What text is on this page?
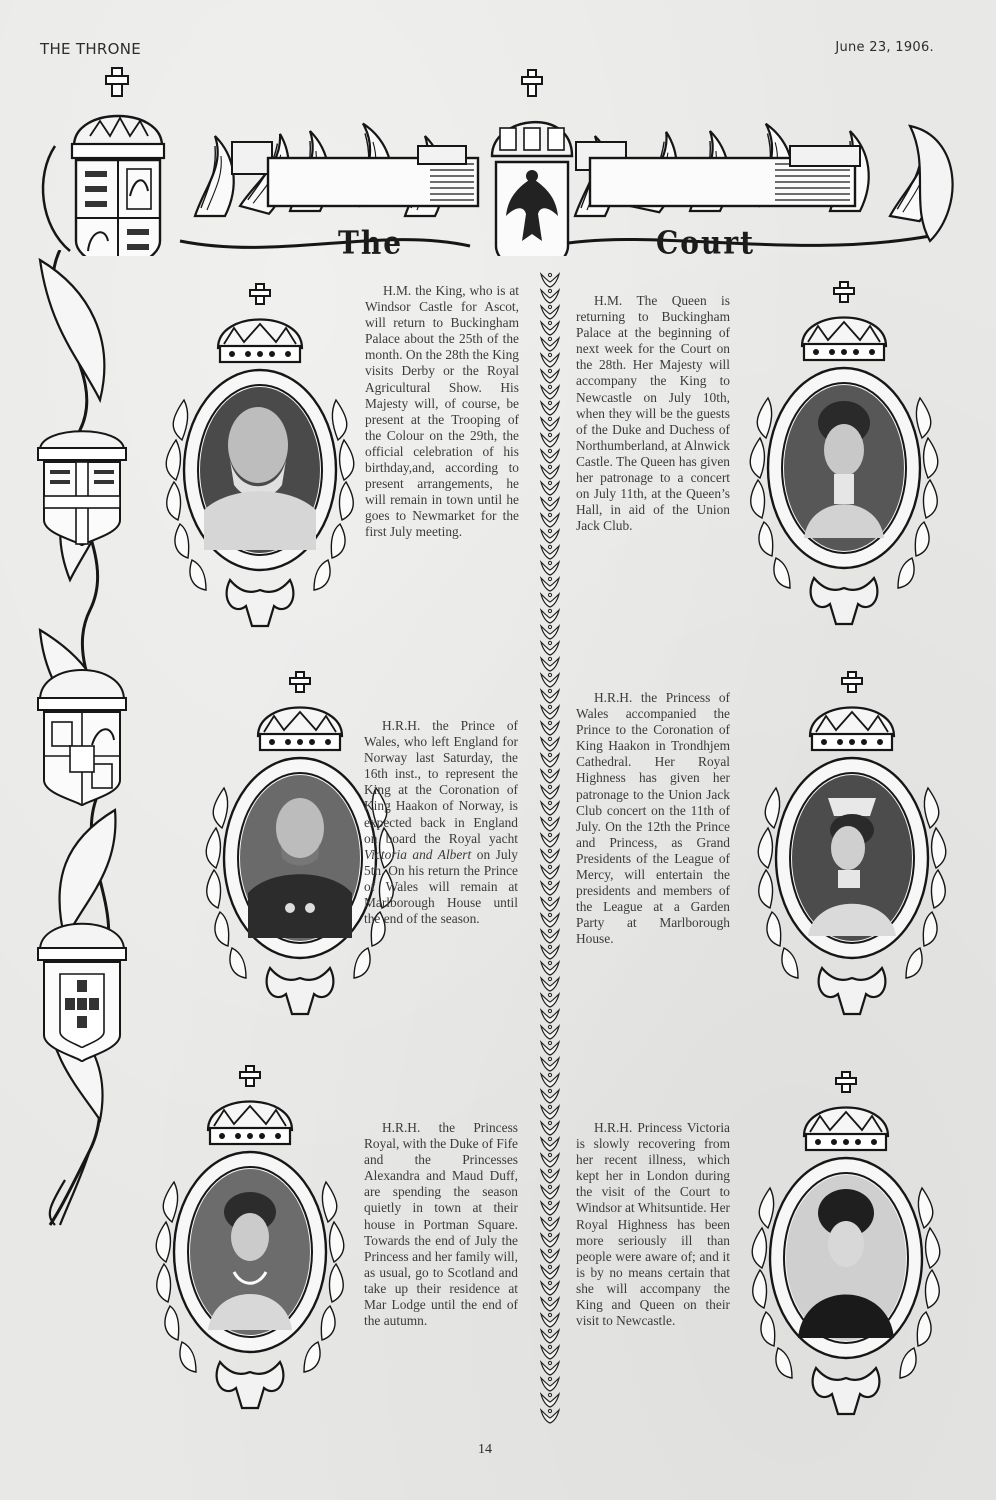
THE THRONE	June 23, 1906.
The	Court

H.M. the King, who is at Windsor Castle for Ascot, will return to Buckingham Palace about the 25th of the month. On the 28th the King visits Derby or the Royal Agricultural Show. His Majesty will, of course, be present at the Trooping of the Colour on the 29th, the official celebration of his birthday,and, according to present arrangements, he will remain in town until he goes to Newmarket for the first July meeting.

H.M. The Queen is returning to Buckingham Palace at the beginning of next week for the Court on the 28th. Her Majesty will accompany the King to Newcastle on July 10th, when they will be the guests of the Duke and Duchess of Northumberland, at Alnwick Castle. The Queen has given her patronage to a concert on July 11th, at the Queen’s Hall, in aid of the Union Jack Club.

H.R.H. the Prince of Wales, who left England for Norway last Saturday, the 16th inst., to represent the King at the Coronation of King Haakon of Norway, is expected back in England on board the Royal yacht Victoria and Albert on July 5th. On his return the Prince of Wales will remain at Marlborough House until the end of the season.

H.R.H. the Princess of Wales accompanied the Prince to the Coronation of King Haakon in Trondhjem Cathedral. Her Royal Highness has given her patronage to the Union Jack Club concert on the 11th of July. On the 12th the Prince and Princess, as Grand Presidents of the League of Mercy, will entertain the presidents and members of the League at a Garden Party at Marlborough House.

H.R.H. the Princess Royal, with the Duke of Fife and the Princesses Alexandra and Maud Duff, are spending the season quietly in town at their house in Portman Square. Towards the end of July the Princess and her family will, as usual, go to Scotland and take up their residence at Mar Lodge until the end of the autumn.

H.R.H. Princess Victoria is slowly recovering from her recent illness, which kept her in London during the visit of the Court to Windsor at Whitsuntide. Her Royal Highness has been more seriously ill than people were aware of; and it is by no means certain that she will accompany the King and Queen on their visit to Newcastle.

14
